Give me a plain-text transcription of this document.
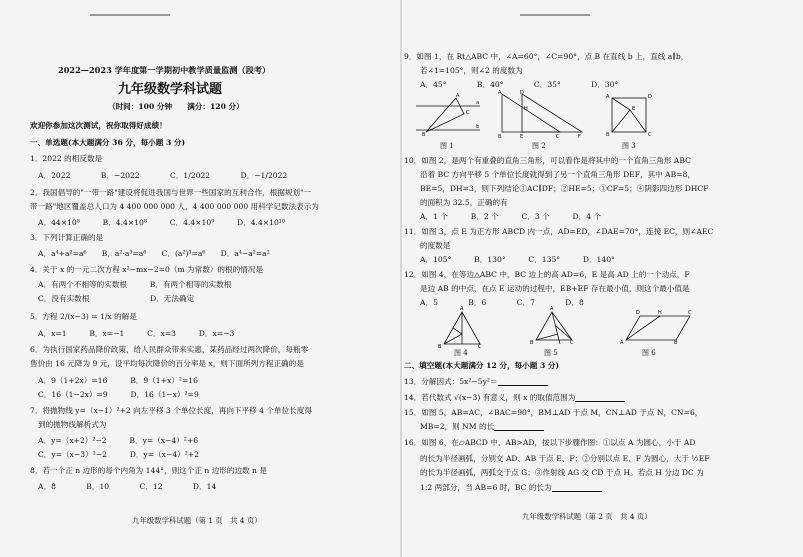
2022—2023 学年度第一学期初中教学质量监测（段考）
九年级数学科试题
（时间：100 分钟　　满分：120 分）
欢迎你参加这次测试，祝你取得好成绩！
一、单选题(本大题满分 36 分，每小题 3 分)
1．2022 的相反数是
A．2022　　　　B．−2022　　　　C．1/2022　　　　D．−1/2022
2．我国倡导的"一带一路"建设将促进我国与世界一些国家的互利合作，根据规划"一
带一路"地区覆盖总人口为 4 400 000 000 人，4 400 000 000 用科学记数法表示为
A．44×10⁸　　　B．4.4×10⁸　　　C．4.4×10⁹　　　D．4.4×10¹⁰
3．下列计算正确的是
A．a⁴+a²=a⁶　　B．a²·a³=a⁶　　C．(a²)³=a⁶　　D．a⁴−a²=a²
4．关于 x 的一元二次方程 x²−mx−2=0（m 为常数）的根的情况是
A．有两个不相等的实数根　　　B．有两个相等的实数根
C．没有实数根　　　　　　　　D．无法确定
5．方程 2/(x−3) = 1/x 的解是
A．x=1　　　B．x=−1　　　C．x=3　　　D．x=−3
6．为执行国家药品降价政策，给人民群众带来实惠，某药品经过两次降价，每瓶零
售价由 16 元降为 9 元，设平均每次降价的百分率是 x，则下面所列方程正确的是
A．9（1+2x）=16　　　B．9（1+x）²=16
C．16（1−2x）=9　　　D．16（1−x）²=9
7．将抛物线 y=（x−1）²+2 向左平移 3 个单位长度，再向下平移 4 个单位长度得
到的抛物线解析式为
A．y=（x+2）²−2　　　B．y=（x−4）²+6
C．y=（x−3）²−2　　　D．y=（x−4）²+2
8．若一个正 n 边形的每个内角为 144°，则这个正 n 边形的边数 n 是
A．8　　　　B．10　　　　C．12　　　　D．14
九年级数学科试题（第 1 页　共 4 页）
9．如图 1，在 Rt△ABC 中，∠A=60°，∠C=90°，点 B 在直线 b 上，直线 a∥b，
若∠1=105°，则∠2 的度数为
A．45°　　　　B．40°　　　　C．35°　　　　D．30°
a
b
B
A
C
图 1
A	D
B	E	C	F
H
图 2
A	D
B	C
E
图 3
10．如图 2，是两个有重叠的直角三角形，可以看作是将其中的一个直角三角形 ABC
沿着 BC 方向平移 5 个单位长度就得到了另一个直角三角形 DEF，其中 AB=8，
BE=5，DH=3，则下列结论①AC∥DF；②HE=5；③CF=5；④阴影四边形 DHCF
的面积为 32.5，正确的有
A．1 个　　　B．2 个　　　C．3 个　　　D．4 个
11．如图 3，点 E 为正方形 ABCD 内一点，AD=ED，∠DAE=70°，连接 EC，则∠AEC
的度数是
A．105°　　　B．130°　　　C．135°　　　D．140°
12．如图 4，在等边△ABC 中，BC 边上的高 AD=6，E 是高 AD 上的一个动点，F
是边 AB 的中点，在点 E 运动的过程中，EB+EF 存在最小值，则这个最小值是
A．5　　　　B．6　　　　C．7　　　　D．8
A
B	C
图 4
A
B	C
图 5
A
D	C
B
H
图 6
二、填空题(本大题满分 12 分，每小题 3 分)
13．分解因式：5x²−5y²＝
14．若代数式 √(x−3) 有意义，则 x 的取值范围为
15．如图 5，AB=AC，∠BAC=90°，BM⊥AD 于点 M，CN⊥AD 于点 N，CN=6，
MB=2，则 NM 的长
16．如图 6，在▱ABCD 中，AB>AD，按以下步骤作图：①以点 A 为圆心，小于 AD
的长为半径画弧，分别交 AD、AB 于点 E、F；②分别以点 E、F 为圆心，大于 ½EF
的长为半径画弧，两弧交于点 G；③作射线 AG 交 CD 于点 H。若点 H 分边 DC 为
1:2 两部分，当 AB=6 时，BC 的长为
九年级数学科试题（第 2 页　共 4 页）
